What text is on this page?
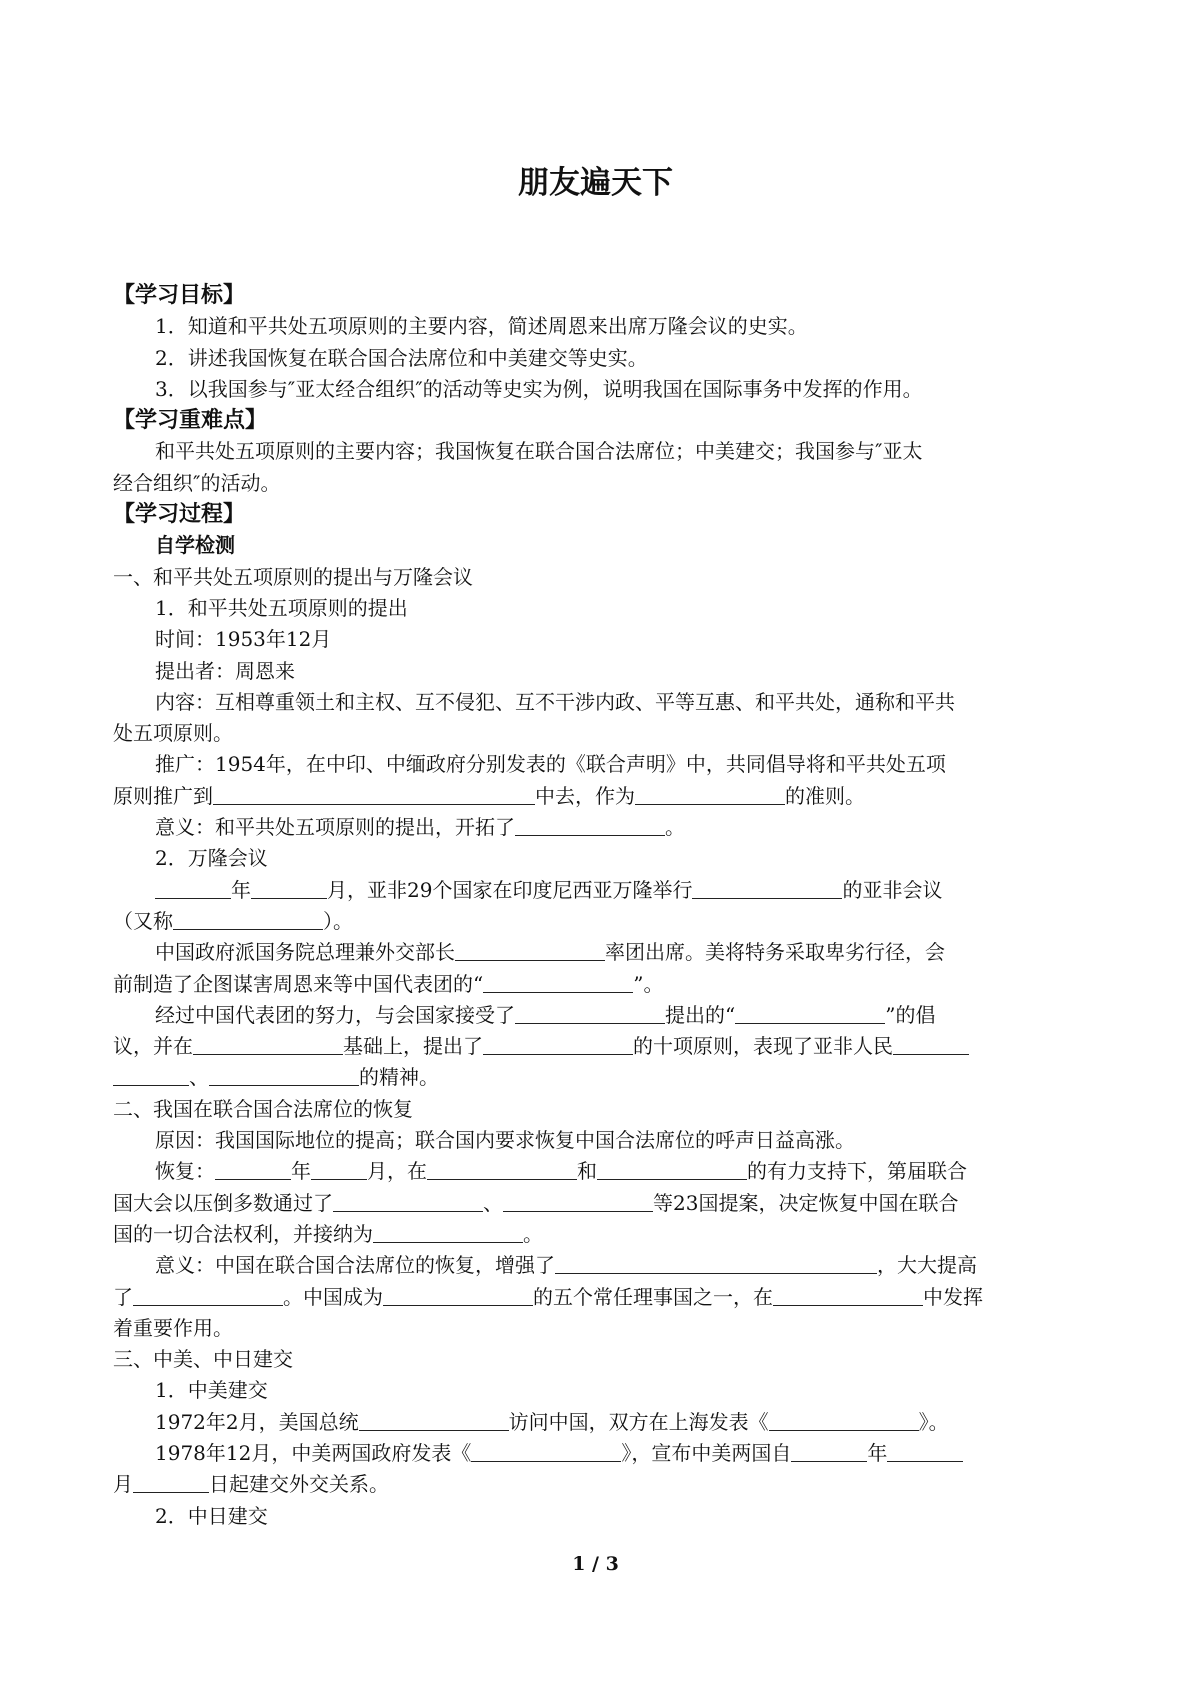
朋友遍天下
【学习目标】
1．知道和平共处五项原则的主要内容，简述周恩来出席万隆会议的史实。
2．讲述我国恢复在联合国合法席位和中美建交等史实。
3．以我国参与″亚太经合组织″的活动等史实为例，说明我国在国际事务中发挥的作用。
【学习重难点】
和平共处五项原则的主要内容；我国恢复在联合国合法席位；中美建交；我国参与″亚太
经合组织″的活动。
【学习过程】
自学检测
一、和平共处五项原则的提出与万隆会议
1．和平共处五项原则的提出
时间：1953年12月
提出者：周恩来
内容：互相尊重领土和主权、互不侵犯、互不干涉内政、平等互惠、和平共处，通称和平共
处五项原则。
推广：1954年，在中印、中缅政府分别发表的《联合声明》中，共同倡导将和平共处五项
原则推广到	中去，作为	的准则。
意义：和平共处五项原则的提出，开拓了	。
2．万隆会议
年	月，亚非29个国家在印度尼西亚万隆举行	的亚非会议
（又称	）。
中国政府派国务院总理兼外交部长	率团出席。美将特务采取卑劣行径，会
前制造了企图谋害周恩来等中国代表团的“	”。
经过中国代表团的努力，与会国家接受了	提出的“	”的倡
议，并在	基础上，提出了	的十项原则，表现了亚非人民
、	的精神。
二、我国在联合国合法席位的恢复
原因：我国国际地位的提高；联合国内要求恢复中国合法席位的呼声日益高涨。
恢复：	年	月，在	和	的有力支持下，第届联合
国大会以压倒多数通过了	、	等23国提案，决定恢复中国在联合
国的一切合法权利，并接纳为	。
意义：中国在联合国合法席位的恢复，增强了	，大大提高
了	。中国成为	的五个常任理事国之一，在	中发挥
着重要作用。
三、中美、中日建交
1．中美建交
1972年2月，美国总统	访问中国，双方在上海发表《	》。
1978年12月，中美两国政府发表《	》，宣布中美两国自	年
月	日起建交外交关系。
2．中日建交
1 / 3
